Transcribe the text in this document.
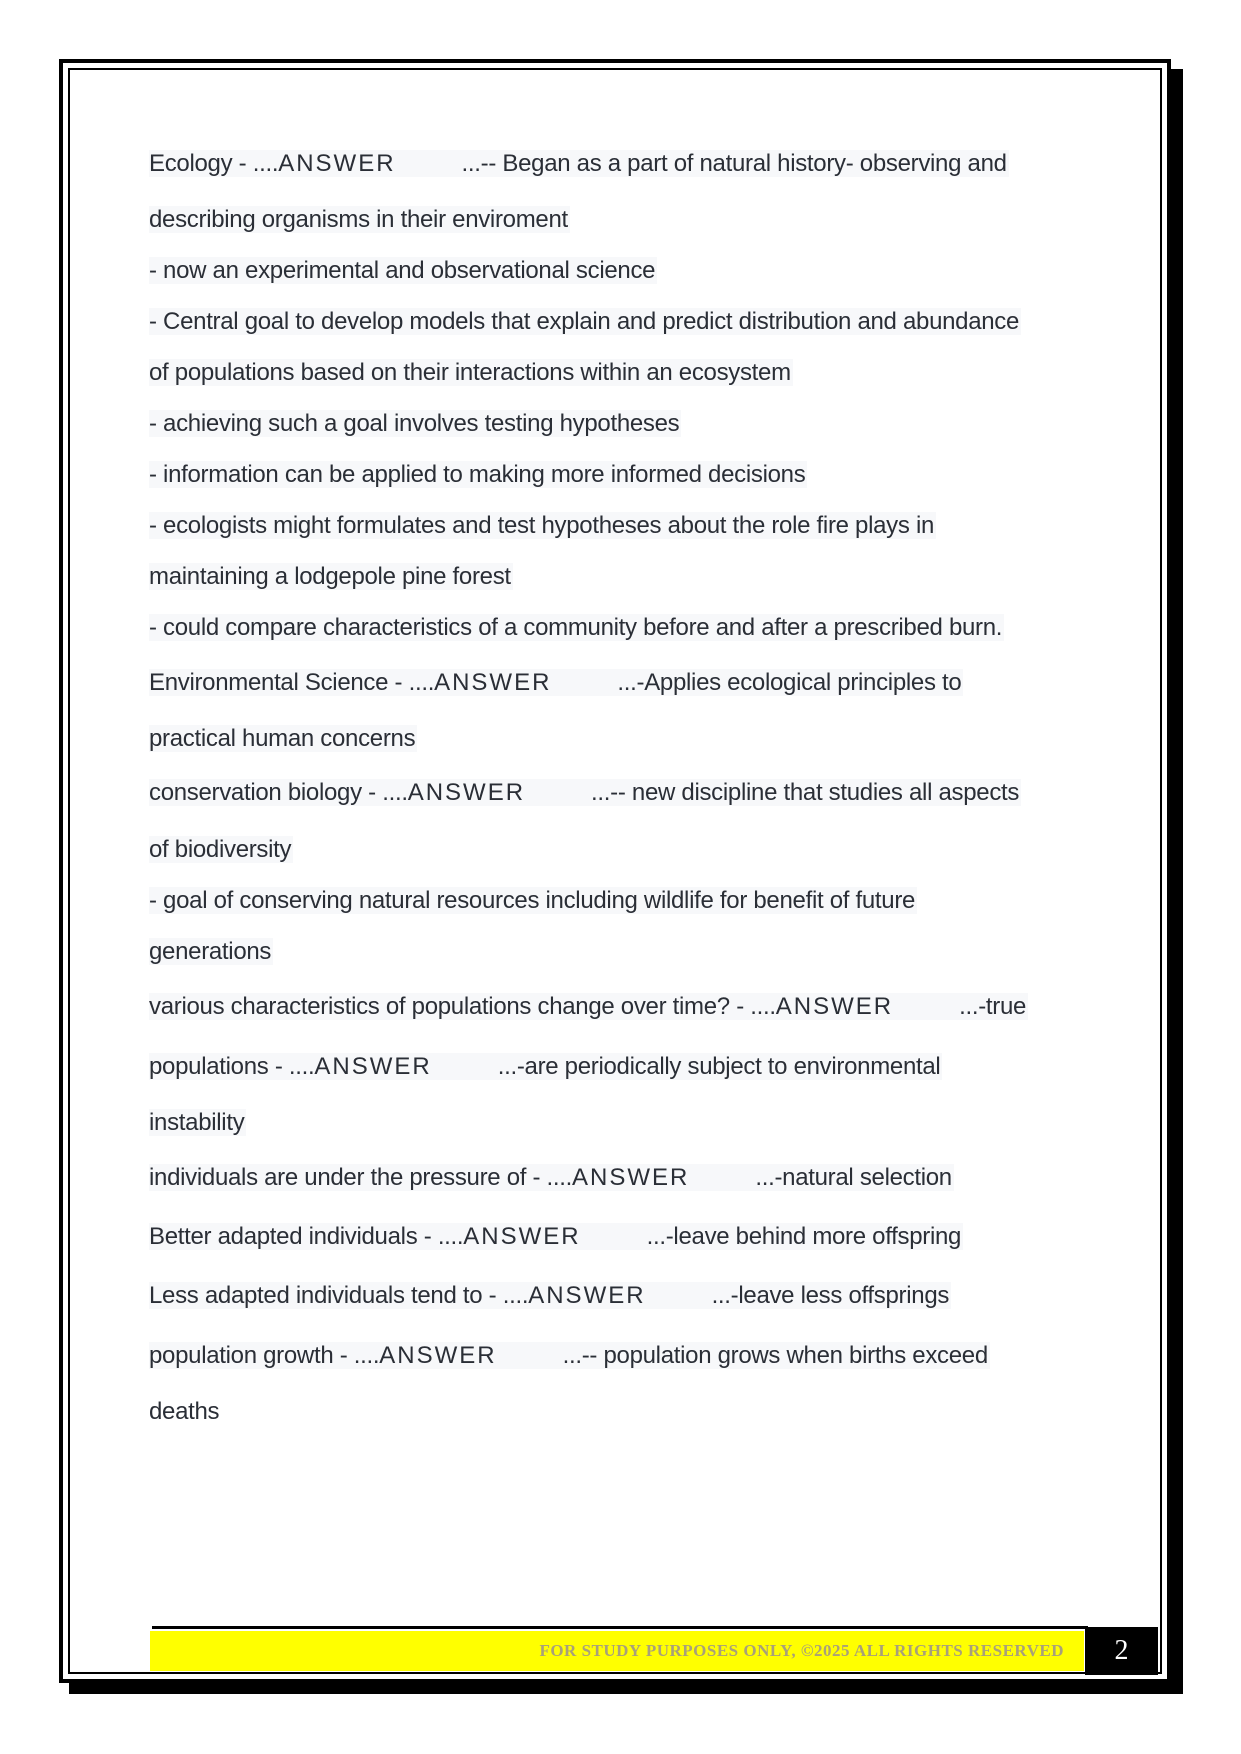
Ecology - ....ANSWER	...-- Began as a part of natural history- observing and
describing organisms in their enviroment
- now an experimental and observational science
- Central goal to develop models that explain and predict distribution and abundance
of populations based on their interactions within an ecosystem
- achieving such a goal involves testing hypotheses
- information can be applied to making more informed decisions
- ecologists might formulates and test hypotheses about the role fire plays in
maintaining a lodgepole pine forest
- could compare characteristics of a community before and after a prescribed burn.
Environmental Science - ....ANSWER	...-Applies ecological principles to
practical human concerns
conservation biology - ....ANSWER	...-- new discipline that studies all aspects
of biodiversity
- goal of conserving natural resources including wildlife for benefit of future
generations
various characteristics of populations change over time? - ....ANSWER	...-true
populations - ....ANSWER	...-are periodically subject to environmental
instability
individuals are under the pressure of - ....ANSWER	...-natural selection
Better adapted individuals - ....ANSWER	...-leave behind more offspring
Less adapted individuals tend to - ....ANSWER	...-leave less offsprings
population growth - ....ANSWER	...-- population grows when births exceed
deaths
FOR STUDY PURPOSES ONLY, ©2025 ALL RIGHTS RESERVED 2
